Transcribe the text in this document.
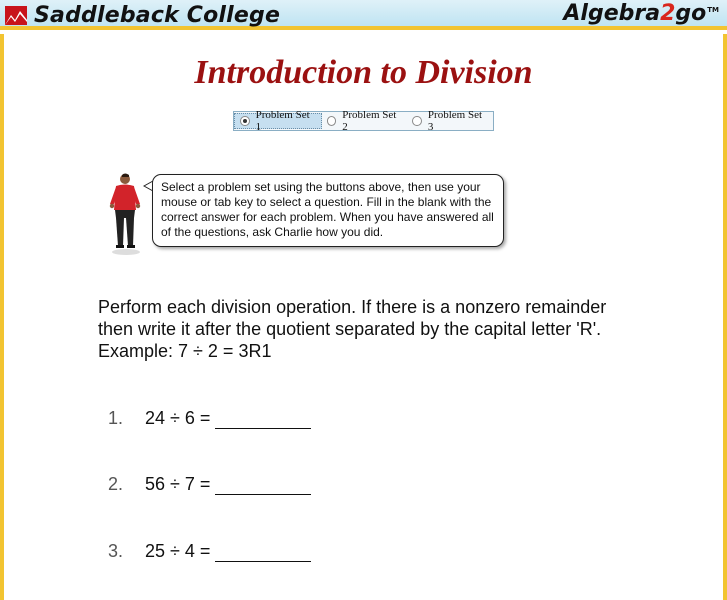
Saddleback College	Algebra2go™
Introduction to Division
Problem Set 1
Problem Set 2
Problem Set 3
Select a problem set using the buttons above, then use your mouse or tab key to select a question. Fill in the blank with the correct answer for each problem. When you have answered all of the questions, ask Charlie how you did.
Perform each division operation. If there is a nonzero remainder
then write it after the quotient separated by the capital letter 'R'.
Example: 7 ÷ 2 = 3R1
1.	24 ÷ 6 =
2.	56 ÷ 7 =
3.	25 ÷ 4 =
